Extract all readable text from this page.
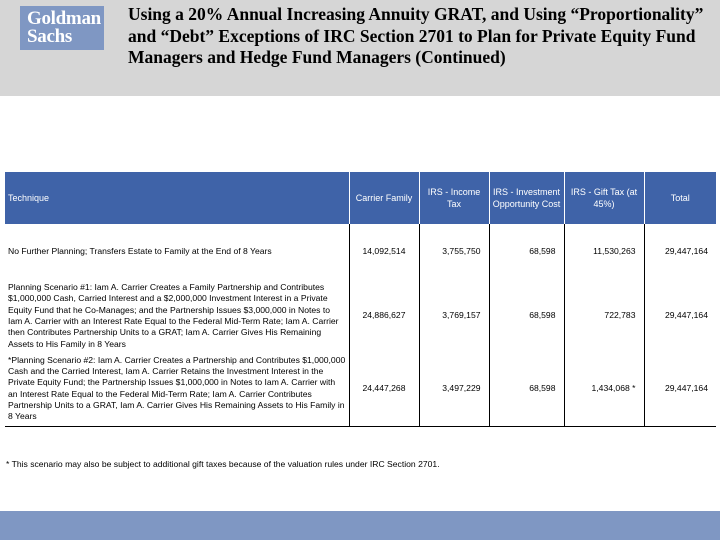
Goldman
Sachs
Using a 20% Annual Increasing Annuity GRAT, and Using “Proportionality” and “Debt” Exceptions of IRC Section 2701 to Plan for Private Equity Fund Managers and Hedge Fund Managers (Continued)
Technique	Carrier Family	IRS - Income Tax	IRS - Investment Opportunity Cost	IRS - Gift Tax (at 45%)	Total
No Further Planning; Transfers Estate to Family at the End of 8 Years	14,092,514	3,755,750	68,598	11,530,263	29,447,164
Planning Scenario #1: Iam A. Carrier Creates a Family Partnership and Contributes $1,000,000 Cash, Carried Interest and a $2,000,000 Investment Interest in a Private Equity Fund that he Co-Manages; and the Partnership Issues $3,000,000 in Notes to Iam A. Carrier with an Interest Rate Equal to the Federal Mid-Term Rate; Iam A. Carrier then Contributes Partnership Units to a GRAT; Iam A. Carrier Gives His Remaining Assets to His Family in 8 Years	24,886,627	3,769,157	68,598	722,783	29,447,164
*Planning Scenario #2: Iam A. Carrier Creates a Partnership and Contributes $1,000,000 Cash and the Carried Interest, Iam A. Carrier Retains the Investment Interest in the Private Equity Fund; the Partnership Issues $1,000,000 in Notes to Iam A. Carrier with an Interest Rate Equal to the Federal Mid-Term Rate; Iam A. Carrier Contributes Partnership Units to a GRAT, Iam A. Carrier Gives His Remaining Assets to His Family in 8 Years	24,447,268	3,497,229	68,598	1,434,068 *	29,447,164
* This scenario may also be subject to additional gift taxes because of the valuation rules under IRC Section 2701.
